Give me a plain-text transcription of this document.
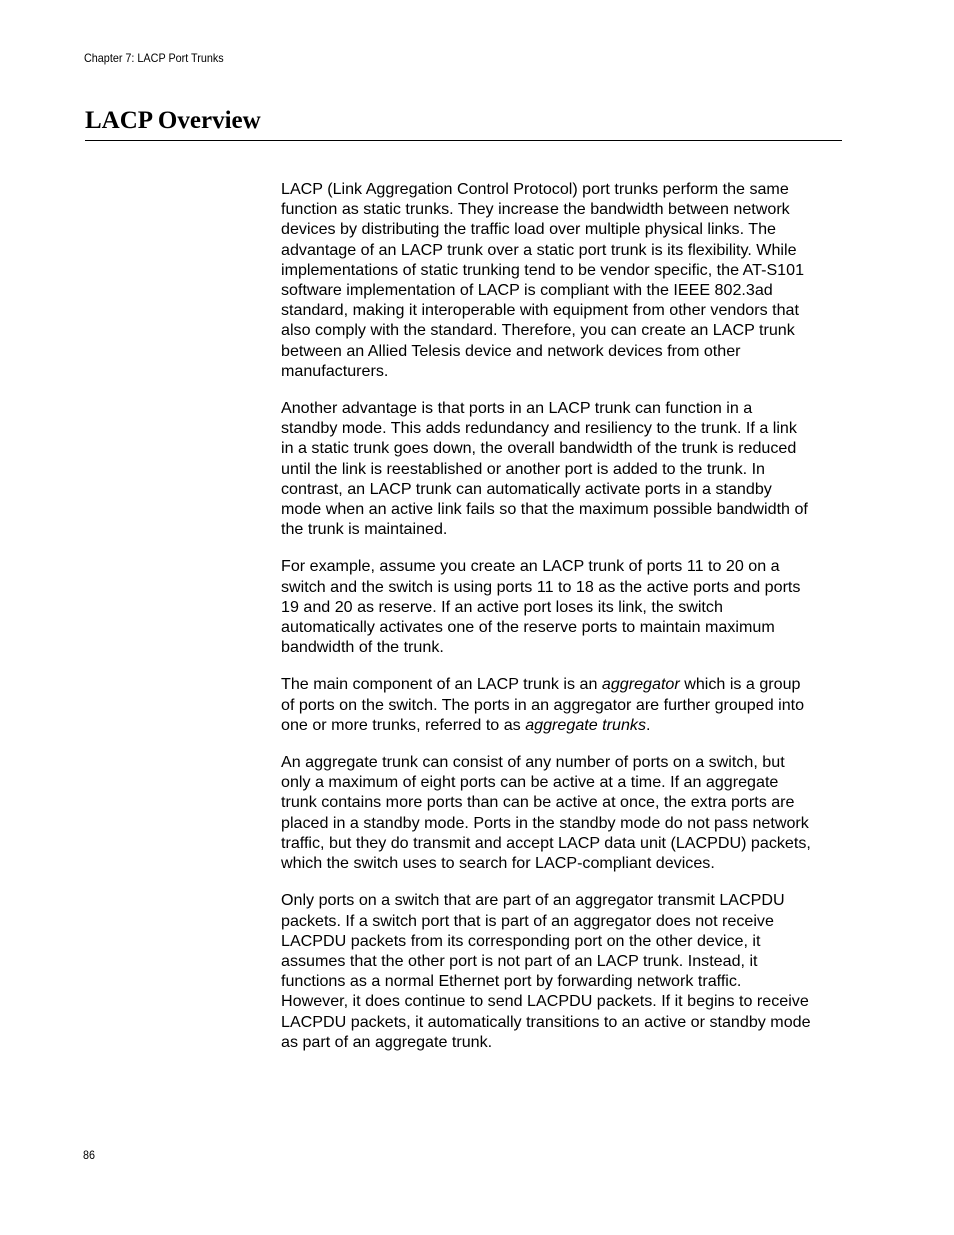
Chapter 7: LACP Port Trunks
LACP Overview

LACP (Link Aggregation Control Protocol) port trunks perform the same
function as static trunks. They increase the bandwidth between network
devices by distributing the traffic load over multiple physical links. The
advantage of an LACP trunk over a static port trunk is its flexibility. While
implementations of static trunking tend to be vendor specific, the AT-S101
software implementation of LACP is compliant with the IEEE 802.3ad
standard, making it interoperable with equipment from other vendors that
also comply with the standard. Therefore, you can create an LACP trunk
between an Allied Telesis device and network devices from other
manufacturers.

Another advantage is that ports in an LACP trunk can function in a
standby mode. This adds redundancy and resiliency to the trunk. If a link
in a static trunk goes down, the overall bandwidth of the trunk is reduced
until the link is reestablished or another port is added to the trunk. In
contrast, an LACP trunk can automatically activate ports in a standby
mode when an active link fails so that the maximum possible bandwidth of
the trunk is maintained.

For example, assume you create an LACP trunk of ports 11 to 20 on a
switch and the switch is using ports 11 to 18 as the active ports and ports
19 and 20 as reserve. If an active port loses its link, the switch
automatically activates one of the reserve ports to maintain maximum
bandwidth of the trunk.

The main component of an LACP trunk is an aggregator which is a group
of ports on the switch. The ports in an aggregator are further grouped into
one or more trunks, referred to as aggregate trunks.

An aggregate trunk can consist of any number of ports on a switch, but
only a maximum of eight ports can be active at a time. If an aggregate
trunk contains more ports than can be active at once, the extra ports are
placed in a standby mode. Ports in the standby mode do not pass network
traffic, but they do transmit and accept LACP data unit (LACPDU) packets,
which the switch uses to search for LACP-compliant devices.

Only ports on a switch that are part of an aggregator transmit LACPDU
packets. If a switch port that is part of an aggregator does not receive
LACPDU packets from its corresponding port on the other device, it
assumes that the other port is not part of an LACP trunk. Instead, it
functions as a normal Ethernet port by forwarding network traffic.
However, it does continue to send LACPDU packets. If it begins to receive
LACPDU packets, it automatically transitions to an active or standby mode
as part of an aggregate trunk.

86
